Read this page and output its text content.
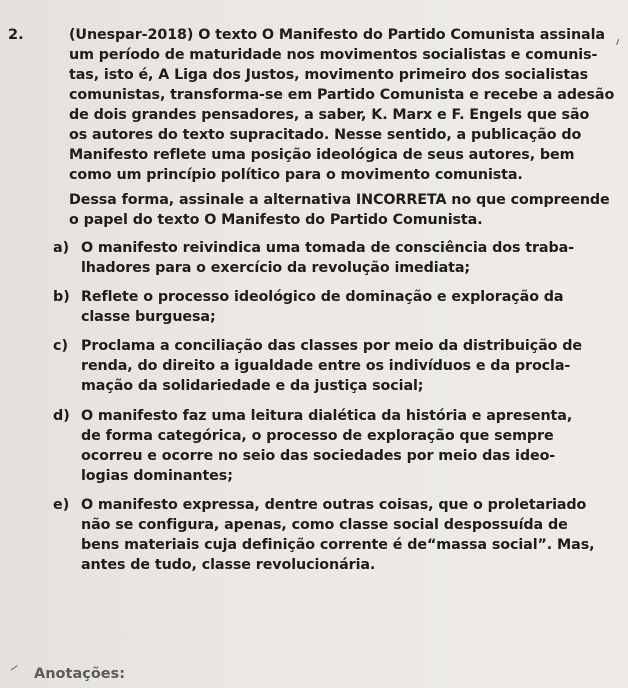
2.	(Unespar-2018) O texto O Manifesto do Partido Comunista assinala
um período de maturidade nos movimentos socialistas e comunis-
tas, isto é, A Liga dos Justos, movimento primeiro dos socialistas
comunistas, transforma-se em Partido Comunista e recebe a adesão
de dois grandes pensadores, a saber, K. Marx e F. Engels que são
os autores do texto supracitado. Nesse sentido, a publicação do
Manifesto reflete uma posição ideológica de seus autores, bem
como um princípio político para o movimento comunista.
Dessa forma, assinale a alternativa INCORRETA no que compreende
o papel do texto O Manifesto do Partido Comunista.
a) O manifesto reivindica uma tomada de consciência dos traba-
lhadores para o exercício da revolução imediata;
b) Reflete o processo ideológico de dominação e exploração da
classe burguesa;
c) Proclama a conciliação das classes por meio da distribuição de
renda, do direito a igualdade entre os indivíduos e da procla-
mação da solidariedade e da justiça social;
d) O manifesto faz uma leitura dialética da história e apresenta,
de forma categórica, o processo de exploração que sempre
ocorreu e ocorre no seio das sociedades por meio das ideo-
logias dominantes;
e) O manifesto expressa, dentre outras coisas, que o proletariado
não se configura, apenas, como classe social despossuída de
bens materiais cuja definição corrente é de“massa social”. Mas,
antes de tudo, classe revolucionária.
Anotações:
